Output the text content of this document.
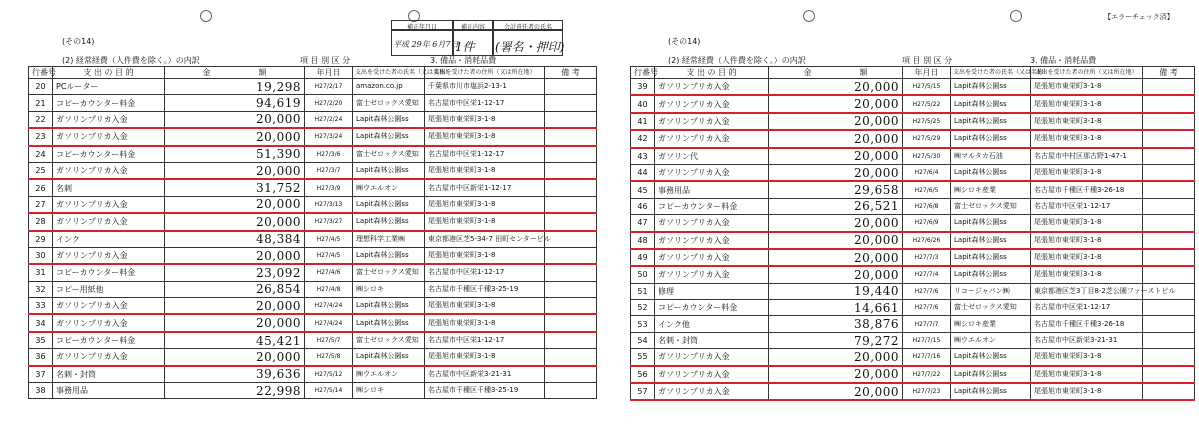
補正年月日	補正内容	会計責任者の氏名
平成 29年 6月7日
1件	(署名・押印)
(その14)
(2) 経常経費（人件費を除く。）の内訳	項 目 別 区 分	3. 備品・消耗品費
行番号	支 出 の 目 的	金　　　　　　 額	年月日	支出を受けた者の氏名（又は名称）	支出を受けた者の住所（又は所在地）	備 考
20	PCルーター	19,298	H27/2/17	amazon.co.jp	千葉県市川市塩浜2-13-1	
21	コピーカウンター料金	94,619	H27/2/20	富士ゼロックス愛知	名古屋市中区栄1-12-17	
22	ガソリンプリカ入金	20,000	H27/2/24	Lapit森林公園ss	尾張旭市東栄町3-1-8	
23	ガソリンプリカ入金	20,000	H27/3/24	Lapit森林公園ss	尾張旭市東栄町3-1-8	
24	コピーカウンター料金	51,390	H27/3/6	富士ゼロックス愛知	名古屋市中区栄1-12-17	
25	ガソリンプリカ入金	20,000	H27/3/7	Lapit森林公園ss	尾張旭市東栄町3-1-8	
26	名刺	31,752	H27/3/9	㈱ウエルオン	名古屋市中区新栄1-12-17	
27	ガソリンプリカ入金	20,000	H27/3/13	Lapit森林公園ss	尾張旭市東栄町3-1-8	
28	ガソリンプリカ入金	20,000	H27/3/27	Lapit森林公園ss	尾張旭市東栄町3-1-8	
29	インク	48,384	H27/4/5	理想科学工業㈱	東京都港区芝5-34-7 田町センタービル	
30	ガソリンプリカ入金	20,000	H27/4/5	Lapit森林公園ss	尾張旭市東栄町3-1-8	
31	コピーカウンター料金	23,092	H27/4/6	富士ゼロックス愛知	名古屋市中区栄1-12-17	
32	コピー用紙他	26,854	H27/4/8	㈱シロキ	名古屋市千種区千種3-25-19	
33	ガソリンプリカ入金	20,000	H27/4/24	Lapit森林公園ss	尾張旭市東栄町3-1-8	
34	ガソリンプリカ入金	20,000	H27/4/24	Lapit森林公園ss	尾張旭市東栄町3-1-8	
35	コピーカウンター料金	45,421	H27/5/7	富士ゼロックス愛知	名古屋市中区栄1-12-17	
36	ガソリンプリカ入金	20,000	H27/5/8	Lapit森林公園ss	尾張旭市東栄町3-1-8	
37	名刺・封筒	39,636	H27/5/12	㈱ウエルオン	名古屋市中区新栄3-21-31	
38	事務用品	22,998	H27/5/14	㈱シロキ	名古屋市千種区千種3-25-19	
【エラーチェック済】
(その14)
(2) 経常経費（人件費を除く。）の内訳	項 目 別 区 分	3. 備品・消耗品費
行番号	支 出 の 目 的	金　　　　　　 額	年月日	支出を受けた者の氏名（又は名称）	支出を受けた者の住所（又は所在地）	備 考
39	ガソリンプリカ入金	20,000	H27/5/15	Lapit森林公園ss	尾張旭市東栄町3-1-8	
40	ガソリンプリカ入金	20,000	H27/5/22	Lapit森林公園ss	尾張旭市東栄町3-1-8	
41	ガソリンプリカ入金	20,000	H27/5/25	Lapit森林公園ss	尾張旭市東栄町3-1-8	
42	ガソリンプリカ入金	20,000	H27/5/29	Lapit森林公園ss	尾張旭市東栄町3-1-8	
43	ガソリン代	20,000	H27/5/30	㈱マルタカ石油	名古屋市中村区那古野1-47-1	
44	ガソリンプリカ入金	20,000	H27/6/4	Lapit森林公園ss	尾張旭市東栄町3-1-8	
45	事務用品	29,658	H27/6/5	㈱シロキ産業	名古屋市千種区千種3-26-18	
46	コピーカウンター料金	26,521	H27/6/8	富士ゼロックス愛知	名古屋市中区栄1-12-17	
47	ガソリンプリカ入金	20,000	H27/6/9	Lapit森林公園ss	尾張旭市東栄町3-1-8	
48	ガソリンプリカ入金	20,000	H27/6/26	Lapit森林公園ss	尾張旭市東栄町3-1-8	
49	ガソリンプリカ入金	20,000	H27/7/3	Lapit森林公園ss	尾張旭市東栄町3-1-8	
50	ガソリンプリカ入金	20,000	H27/7/4	Lapit森林公園ss	尾張旭市東栄町3-1-8	
51	修理	19,440	H27/7/6	リコージャパン㈱	東京都港区芝3丁目8-2芝公園ファーストビル	
52	コピーカウンター料金	14,661	H27/7/6	富士ゼロックス愛知	名古屋市中区栄1-12-17	
53	インク他	38,876	H27/7/7	㈱シロキ産業	名古屋市千種区千種3-26-18	
54	名刺・封筒	79,272	H27/7/15	㈱ウエルオン	名古屋市中区新栄3-21-31	
55	ガソリンプリカ入金	20,000	H27/7/16	Lapit森林公園ss	尾張旭市東栄町3-1-8	
56	ガソリンプリカ入金	20,000	H27/7/22	Lapit森林公園ss	尾張旭市東栄町3-1-8	
57	ガソリンプリカ入金	20,000	H27/7/23	Lapit森林公園ss	尾張旭市東栄町3-1-8	
